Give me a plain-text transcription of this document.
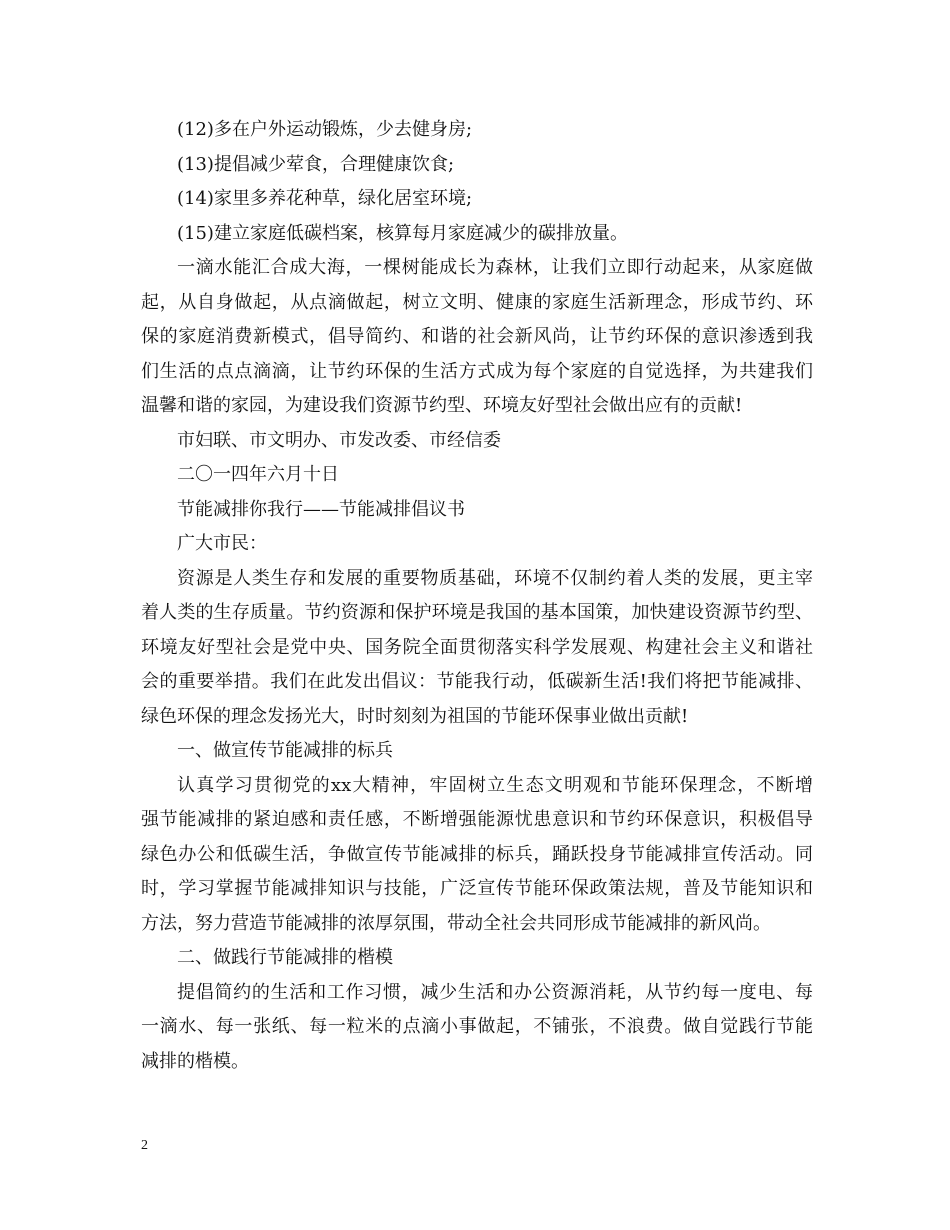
(12)多在户外运动锻炼，少去健身房;
(13)提倡减少荤食，合理健康饮食;
(14)家里多养花种草，绿化居室环境;
(15)建立家庭低碳档案，核算每月家庭减少的碳排放量。
一滴水能汇合成大海，一棵树能成长为森林，让我们立即行动起来，从家庭做
起，从自身做起，从点滴做起，树立文明、健康的家庭生活新理念，形成节约、环
保的家庭消费新模式，倡导简约、和谐的社会新风尚，让节约环保的意识渗透到我
们生活的点点滴滴，让节约环保的生活方式成为每个家庭的自觉选择，为共建我们
温馨和谐的家园，为建设我们资源节约型、环境友好型社会做出应有的贡献!
市妇联、市文明办、市发改委、市经信委
二〇一四年六月十日
节能减排你我行——节能减排倡议书
广大市民：
资源是人类生存和发展的重要物质基础，环境不仅制约着人类的发展，更主宰
着人类的生存质量。节约资源和保护环境是我国的基本国策，加快建设资源节约型、
环境友好型社会是党中央、国务院全面贯彻落实科学发展观、构建社会主义和谐社
会的重要举措。我们在此发出倡议：节能我行动，低碳新生活!我们将把节能减排、
绿色环保的理念发扬光大，时时刻刻为祖国的节能环保事业做出贡献!
一、做宣传节能减排的标兵
认真学习贯彻党的xx大精神，牢固树立生态文明观和节能环保理念，不断增
强节能减排的紧迫感和责任感，不断增强能源忧患意识和节约环保意识，积极倡导
绿色办公和低碳生活，争做宣传节能减排的标兵，踊跃投身节能减排宣传活动。同
时，学习掌握节能减排知识与技能，广泛宣传节能环保政策法规，普及节能知识和
方法，努力营造节能减排的浓厚氛围，带动全社会共同形成节能减排的新风尚。
二、做践行节能减排的楷模
提倡简约的生活和工作习惯，减少生活和办公资源消耗，从节约每一度电、每
一滴水、每一张纸、每一粒米的点滴小事做起，不铺张，不浪费。做自觉践行节能
减排的楷模。
2
